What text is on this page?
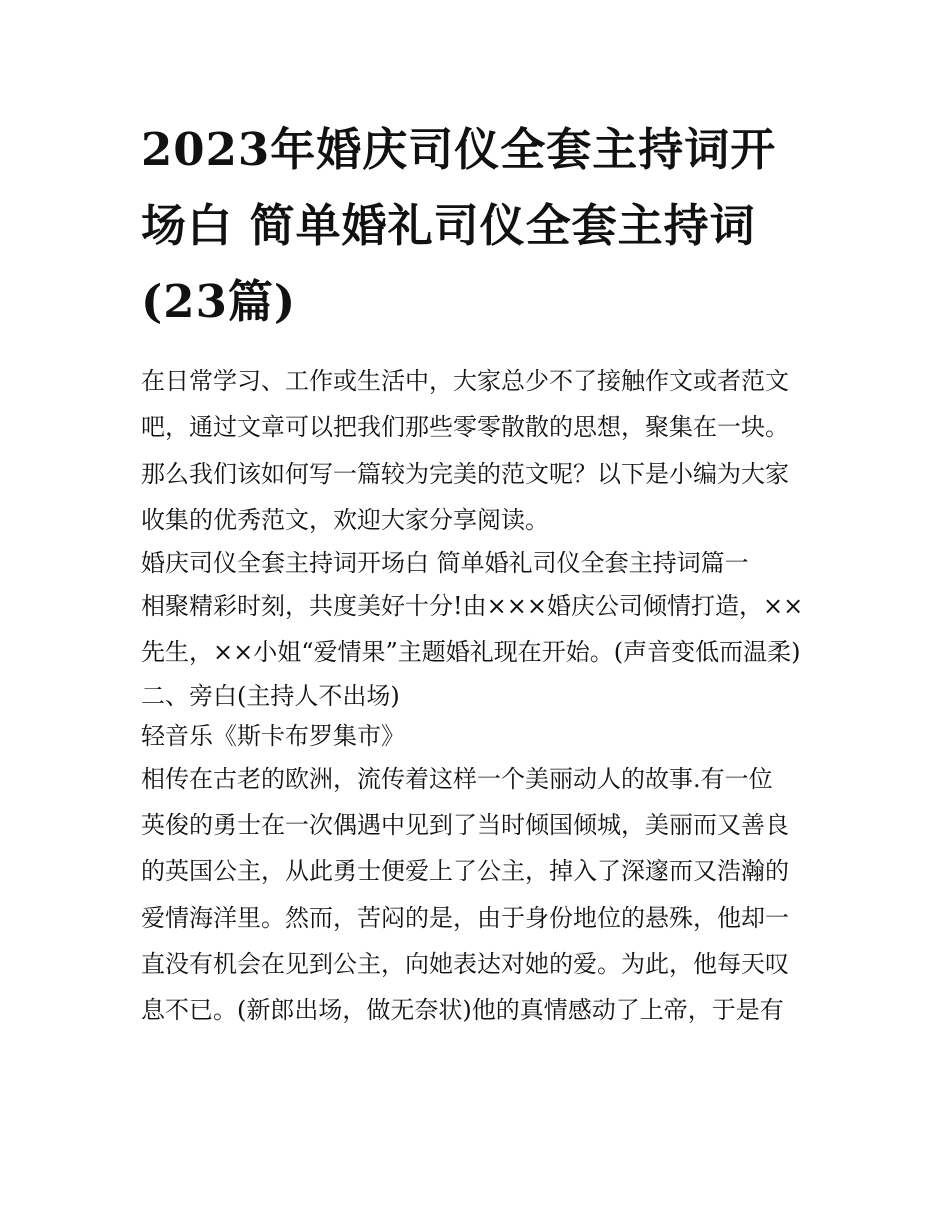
2023年婚庆司仪全套主持词开
场白 简单婚礼司仪全套主持词
(23篇)

在日常学习、工作或生活中，大家总少不了接触作文或者范文

吧，通过文章可以把我们那些零零散散的思想，聚集在一块。

那么我们该如何写一篇较为完美的范文呢？以下是小编为大家

收集的优秀范文，欢迎大家分享阅读。

婚庆司仪全套主持词开场白 简单婚礼司仪全套主持词篇一

相聚精彩时刻，共度美好十分!由×××婚庆公司倾情打造，××

先生，××小姐“爱情果”主题婚礼现在开始。(声音变低而温柔)

二、旁白(主持人不出场)

轻音乐《斯卡布罗集市》

相传在古老的欧洲，流传着这样一个美丽动人的故事.有一位

英俊的勇士在一次偶遇中见到了当时倾国倾城，美丽而又善良

的英国公主，从此勇士便爱上了公主，掉入了深邃而又浩瀚的

爱情海洋里。然而，苦闷的是，由于身份地位的悬殊，他却一

直没有机会在见到公主，向她表达对她的爱。为此，他每天叹

息不已。(新郎出场，做无奈状)他的真情感动了上帝，于是有
